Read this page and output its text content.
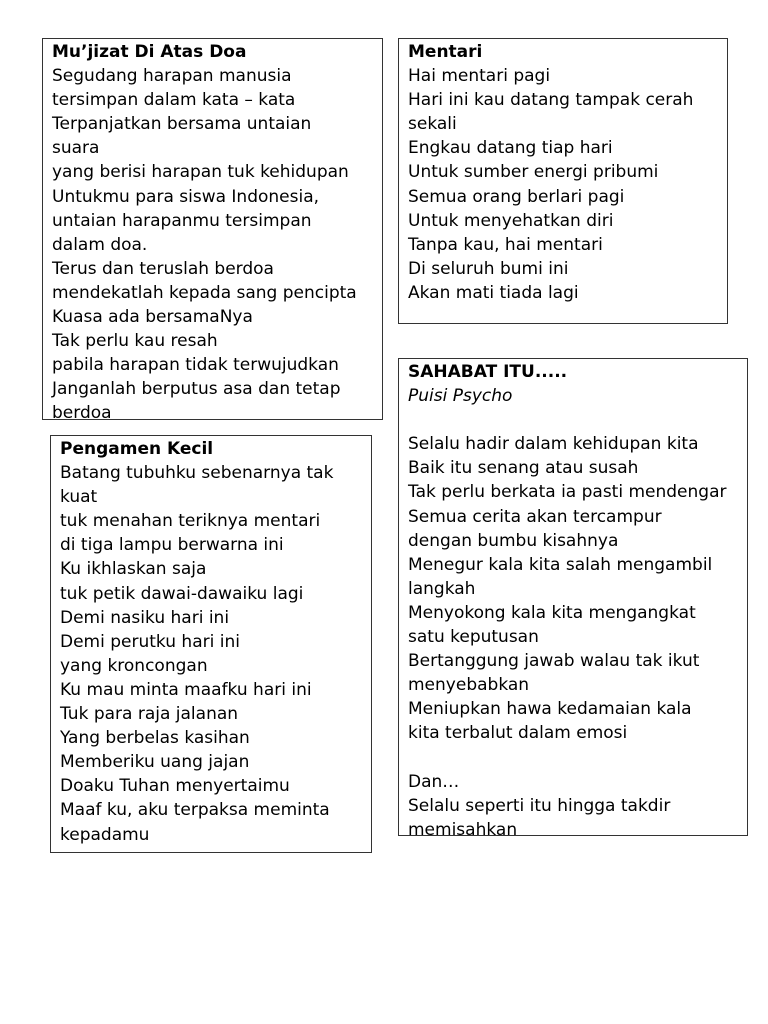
Mu’jizat Di Atas Doa
Segudang harapan manusia
tersimpan dalam kata – kata
Terpanjatkan bersama untaian
suara
yang berisi harapan tuk kehidupan
Untukmu para siswa Indonesia,
untaian harapanmu tersimpan
dalam doa.
Terus dan teruslah berdoa
mendekatlah kepada sang pencipta
Kuasa ada bersamaNya
Tak perlu kau resah
pabila harapan tidak terwujudkan
Janganlah berputus asa dan tetap
berdoa
Mentari
Hai mentari pagi
Hari ini kau datang tampak cerah
sekali
Engkau datang tiap hari
Untuk sumber energi pribumi
Semua orang berlari pagi
Untuk menyehatkan diri
Tanpa kau, hai mentari
Di seluruh bumi ini
Akan mati tiada lagi
SAHABAT ITU.....
Puisi Psycho
Selalu hadir dalam kehidupan kita
Baik itu senang atau susah
Tak perlu berkata ia pasti mendengar
Semua cerita akan tercampur
dengan bumbu kisahnya
Menegur kala kita salah mengambil
langkah
Menyokong kala kita mengangkat
satu keputusan
Bertanggung jawab walau tak ikut
menyebabkan
Meniupkan hawa kedamaian kala
kita terbalut dalam emosi
Dan…
Selalu seperti itu hingga takdir
memisahkan
Pengamen Kecil
Batang tubuhku sebenarnya tak
kuat
tuk menahan teriknya mentari
di tiga lampu berwarna ini
Ku ikhlaskan saja
tuk petik dawai-dawaiku lagi
Demi nasiku hari ini
Demi perutku hari ini
yang kroncongan
Ku mau minta maafku hari ini
Tuk para raja jalanan
Yang berbelas kasihan
Memberiku uang jajan
Doaku Tuhan menyertaimu
Maaf ku, aku terpaksa meminta
kepadamu
